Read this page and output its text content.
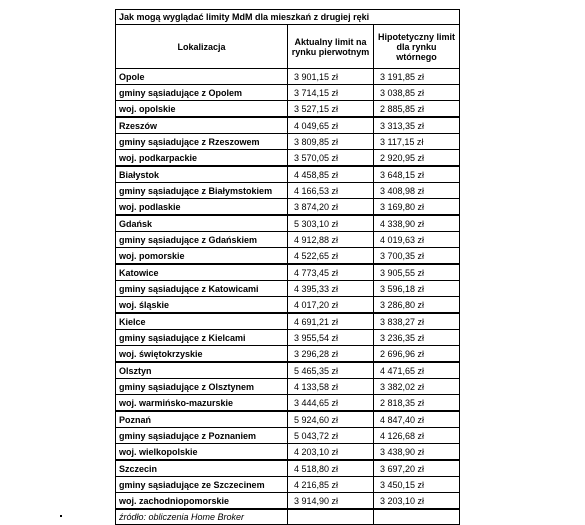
Jak mogą wyglądać limity MdM dla mieszkań z drugiej ręki		
Lokalizacja	Aktualny limit na rynku pierwotnym	Hipotetyczny limit dla rynku wtórnego
Opole	3 901,15 zł	3 191,85 zł
gminy sąsiadujące z Opolem	3 714,15 zł	3 038,85 zł
woj. opolskie	3 527,15 zł	2 885,85 zł
Rzeszów	4 049,65 zł	3 313,35 zł
gminy sąsiadujące z Rzeszowem	3 809,85 zł	3 117,15 zł
woj. podkarpackie	3 570,05 zł	2 920,95 zł
Białystok	4 458,85 zł	3 648,15 zł
gminy sąsiadujące z Białymstokiem	4 166,53 zł	3 408,98 zł
woj. podlaskie	3 874,20 zł	3 169,80 zł
Gdańsk	5 303,10 zł	4 338,90 zł
gminy sąsiadujące z Gdańskiem	4 912,88 zł	4 019,63 zł
woj. pomorskie	4 522,65 zł	3 700,35 zł
Katowice	4 773,45 zł	3 905,55 zł
gminy sąsiadujące z Katowicami	4 395,33 zł	3 596,18 zł
woj. śląskie	4 017,20 zł	3 286,80 zł
Kielce	4 691,21 zł	3 838,27 zł
gminy sąsiadujące z Kielcami	3 955,54 zł	3 236,35 zł
woj. świętokrzyskie	3 296,28 zł	2 696,96 zł
Olsztyn	5 465,35 zł	4 471,65 zł
gminy sąsiadujące z Olsztynem	4 133,58 zł	3 382,02 zł
woj. warmińsko-mazurskie	3 444,65 zł	2 818,35 zł
Poznań	5 924,60 zł	4 847,40 zł
gminy sąsiadujące z Poznaniem	5 043,72 zł	4 126,68 zł
woj. wielkopolskie	4 203,10 zł	3 438,90 zł
Szczecin	4 518,80 zł	3 697,20 zł
gminy sąsiadujące ze Szczecinem	4 216,85 zł	3 450,15 zł
woj. zachodniopomorskie	3 914,90 zł	3 203,10 zł
źródło: obliczenia Home Broker		
